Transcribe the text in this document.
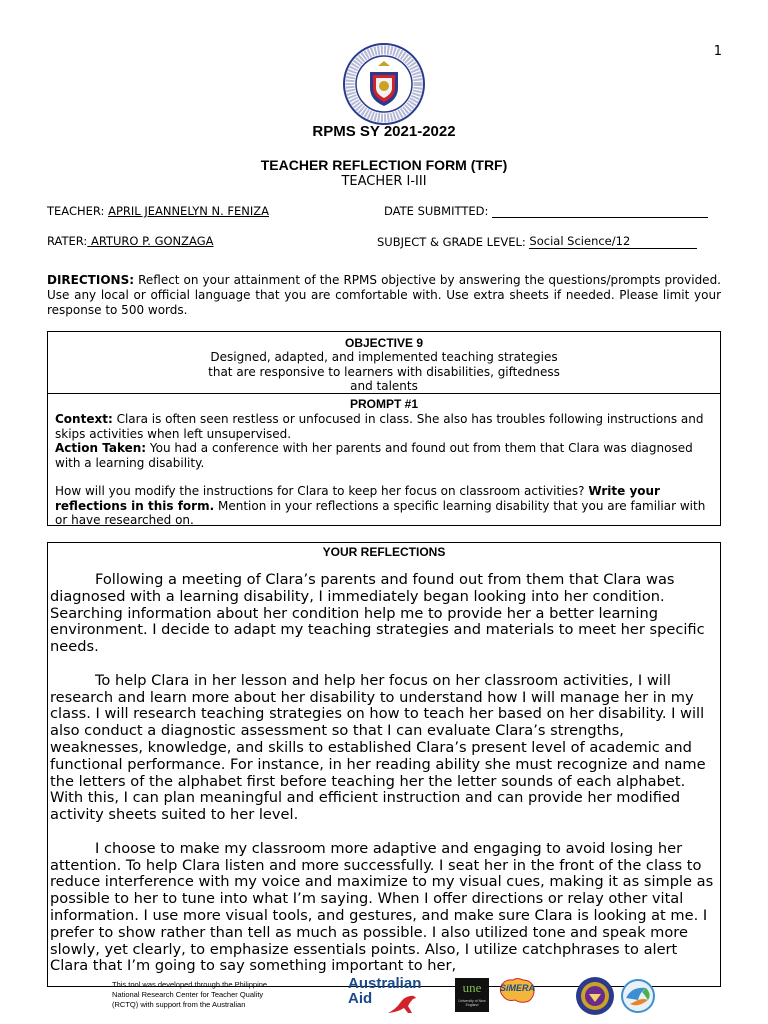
1
RPMS SY 2021-2022
TEACHER REFLECTION FORM (TRF)
TEACHER I-III
TEACHER: APRIL JEANNELYN N. FENIZA	DATE SUBMITTED:
RATER: ARTURO P. GONZAGA	SUBJECT & GRADE LEVEL: Social Science/12
DIRECTIONS: Reflect on your attainment of the RPMS objective by answering the questions/prompts provided. Use any local or official language that you are comfortable with. Use extra sheets if needed. Please limit your response to 500 words.
OBJECTIVE 9
Designed, adapted, and implemented teaching strategies
that are responsive to learners with disabilities, giftedness
and talents
PROMPT #1

Context: Clara is often seen restless or unfocused in class. She also has troubles following instructions and skips activities when left unsupervised.

Action Taken: You had a conference with her parents and found out from them that Clara was diagnosed with a learning disability.

How will you modify the instructions for Clara to keep her focus on classroom activities? Write your reflections in this form. Mention in your reflections a specific learning disability that you are familiar with or have researched on.

YOUR REFLECTIONS

Following a meeting of Clara’s parents and found out from them that Clara was diagnosed with a learning disability, I immediately began looking into her condition. Searching information about her condition help me to provide her a better learning environment. I decide to adapt my teaching strategies and materials to meet her specific needs.

To help Clara in her lesson and help her focus on her classroom activities, I will research and learn more about her disability to understand how I will manage her in my class. I will research teaching strategies on how to teach her based on her disability. I will also conduct a diagnostic assessment so that I can evaluate Clara’s strengths, weaknesses, knowledge, and skills to established Clara’s present level of academic and functional performance. For instance, in her reading ability she must recognize and name the letters of the alphabet first before teaching her the letter sounds of each alphabet. With this, I can plan meaningful and efficient instruction and can provide her modified activity sheets suited to her level.

I choose to make my classroom more adaptive and engaging to avoid losing her attention. To help Clara listen and more successfully. I seat her in the front of the class to reduce interference with my voice and maximize to my visual cues, making it as simple as possible to her to tune into what I’m saying. When I offer directions or relay other vital information. I use more visual tools, and gestures, and make sure Clara is looking at me. I prefer to show rather than tell as much as possible. I also utilized tone and speak more slowly, yet clearly, to emphasize essentials points. Also, I utilize catchphrases to alert Clara that I’m going to say something important to her,

This tool was developed through the Philippine
National Research Center for Teacher Quality
(RCTQ) with support from the Australian
Australian
Aid
une
University of New England
SiMERA
